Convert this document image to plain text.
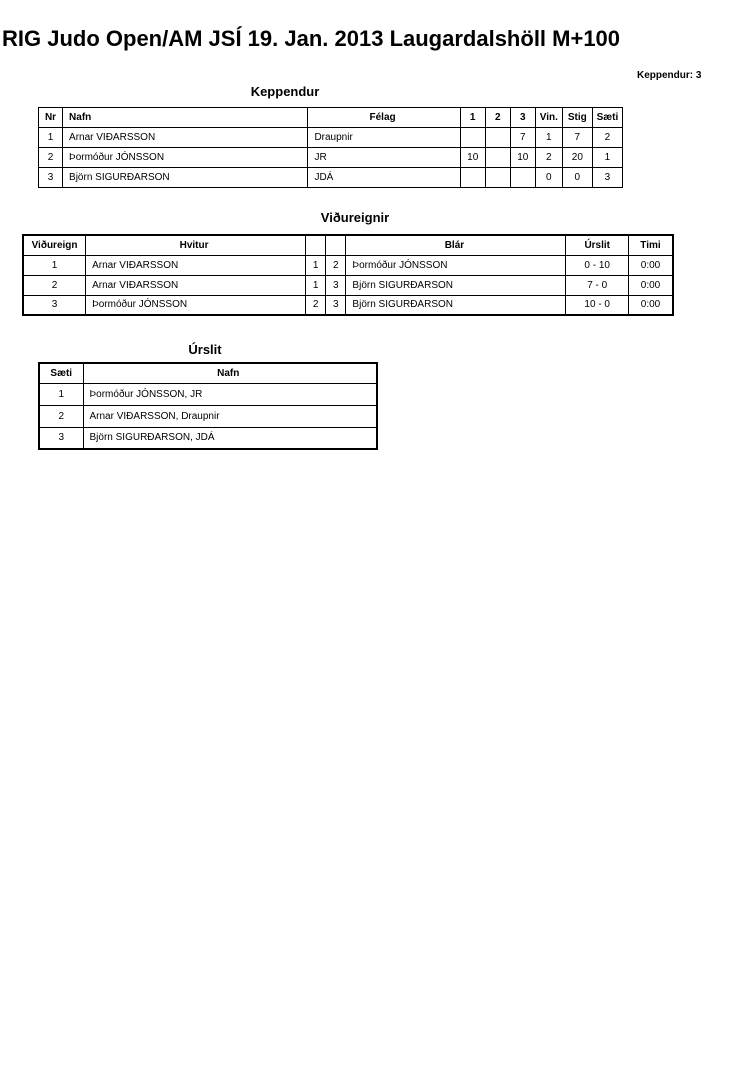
RIG Judo Open/AM JSÍ 19. Jan. 2013 Laugardalshöll M+100
Keppendur: 3
Keppendur
Nr	Nafn	Félag	1	2	3	Vin.	Stig	Sæti
1	Arnar VIÐARSSON	Draupnir			7	1	7	2
2	Þormóður JÓNSSON	JR	10		10	2	20	1
3	Björn SIGURÐARSON	JDÁ				0	0	3
Viðureignir
Viðureign	Hvitur			Blár	Úrslit	Timi
1	Arnar VIÐARSSON	1	2	Þormóður JÓNSSON	0 - 10	0:00
2	Arnar VIÐARSSON	1	3	Björn SIGURÐARSON	7 - 0	0:00
3	Þormóður JÓNSSON	2	3	Björn SIGURÐARSON	10 - 0	0:00
Úrslit
Sæti	Nafn
1	Þormóður JÓNSSON, JR
2	Arnar VIÐARSSON, Draupnir
3	Björn SIGURÐARSON, JDÁ
